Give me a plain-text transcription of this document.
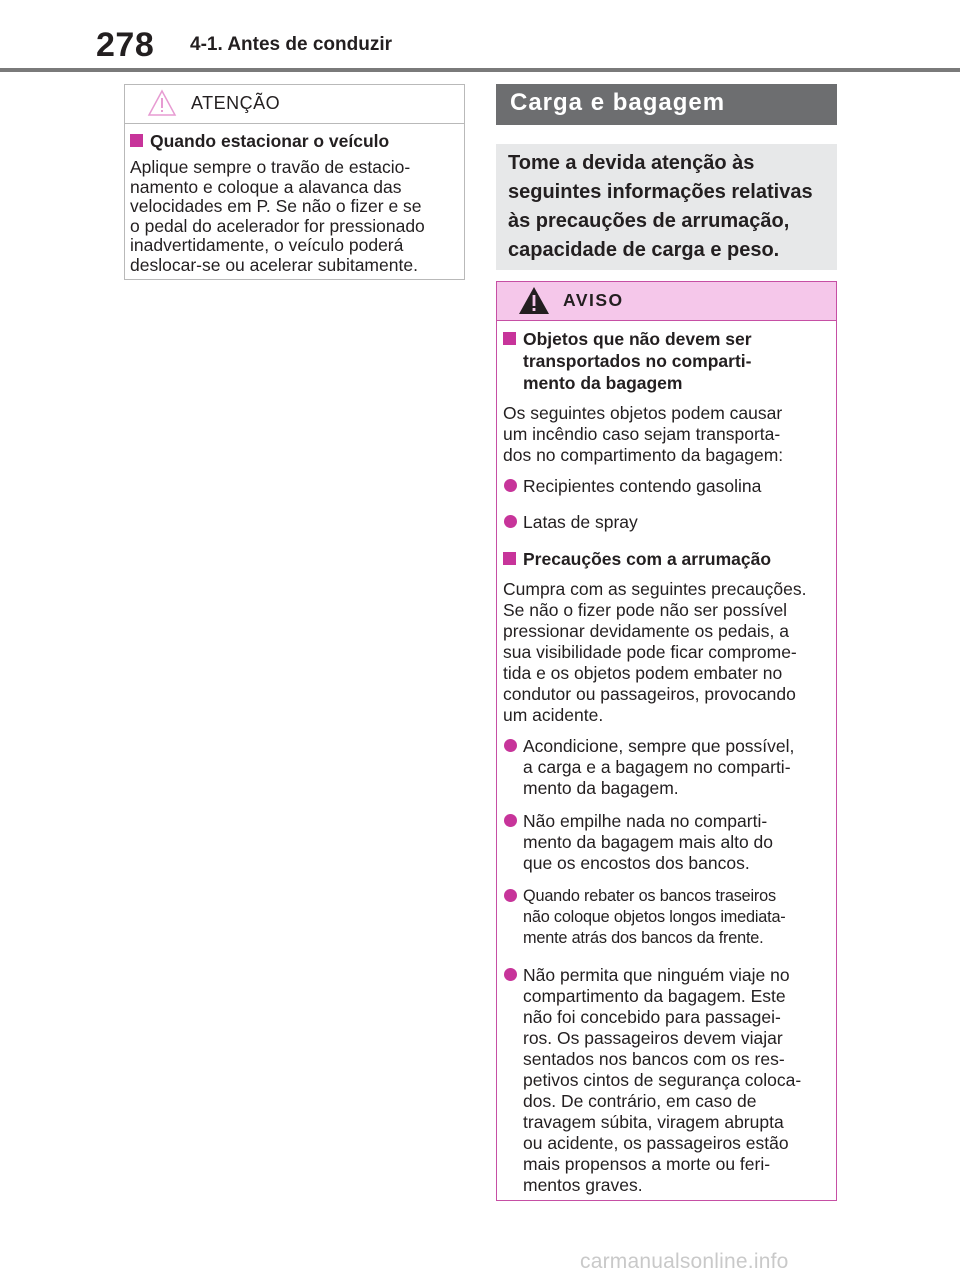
278 4-1. Antes de conduzir
ATENÇÃO
Quando estacionar o veículo
Aplique sempre o travão de estacio-
namento e coloque a alavanca das
velocidades em P. Se não o fizer e se
o pedal do acelerador for pressionado
inadvertidamente, o veículo poderá
deslocar-se ou acelerar subitamente.
Carga e bagagem
Tome a devida atenção às
seguintes informações relativas
às precauções de arrumação,
capacidade de carga e peso.
AVISO
Objetos que não devem ser
transportados no comparti-
mento da bagagem
Os seguintes objetos podem causar
um incêndio caso sejam transporta-
dos no compartimento da bagagem:
Recipientes contendo gasolina
Latas de spray
Precauções com a arrumação
Cumpra com as seguintes precauções.
Se não o fizer pode não ser possível
pressionar devidamente os pedais, a
sua visibilidade pode ficar comprome-
tida e os objetos podem embater no
condutor ou passageiros, provocando
um acidente.
Acondicione, sempre que possível,
a carga e a bagagem no comparti-
mento da bagagem.
Não empilhe nada no comparti-
mento da bagagem mais alto do
que os encostos dos bancos.
Quando rebater os bancos traseiros
não coloque objetos longos imediata-
mente atrás dos bancos da frente.
Não permita que ninguém viaje no
compartimento da bagagem. Este
não foi concebido para passagei-
ros. Os passageiros devem viajar
sentados nos bancos com os res-
petivos cintos de segurança coloca-
dos. De contrário, em caso de
travagem súbita, viragem abrupta
ou acidente, os passageiros estão
mais propensos a morte ou feri-
mentos graves.
carmanualsonline.info
